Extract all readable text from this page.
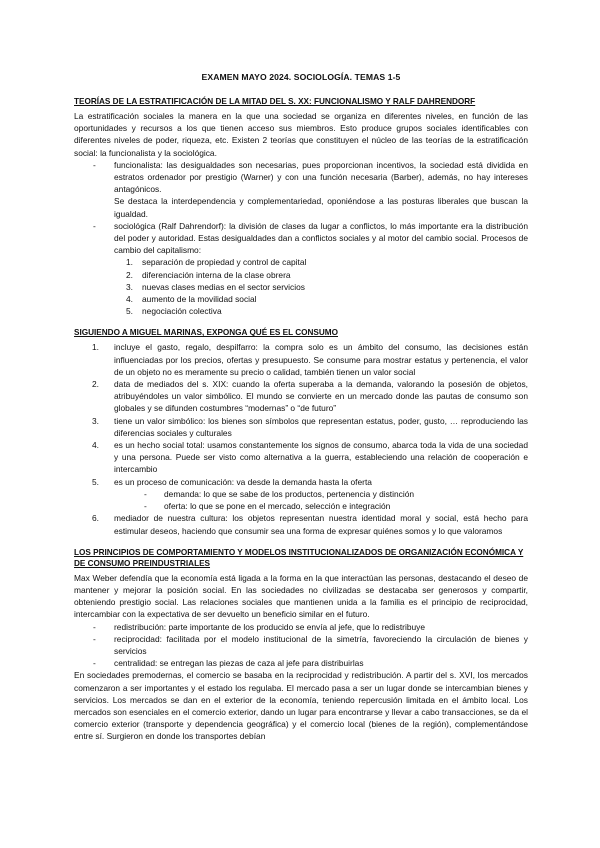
EXAMEN MAYO 2024. SOCIOLOGÍA. TEMAS 1-5
TEORÍAS DE LA ESTRATIFICACIÓN DE LA MITAD DEL S. XX: FUNCIONALISMO Y RALF DAHRENDORF

La estratificación sociales la manera en la que una sociedad se organiza en diferentes niveles, en función de las oportunidades y recursos a los que tienen acceso sus miembros. Esto produce grupos sociales identificables con diferentes niveles de poder, riqueza, etc. Existen 2 teorías que constituyen el núcleo de las teorías de la estratificación social: la funcionalista y la sociológica.

- funcionalista: las desigualdades son necesarias, pues proporcionan incentivos, la sociedad está dividida en estratos ordenador por prestigio (Warner) y con una función necesaria (Barber), además, no hay intereses antagónicos.
Se destaca la interdependencia y complementariedad, oponiéndose a las posturas liberales que buscan la igualdad.
- sociológica (Ralf Dahrendorf): la división de clases da lugar a conflictos, lo más importante era la distribución del poder y autoridad. Estas desigualdades dan a conflictos sociales y al motor del cambio social. Procesos de cambio del capitalismo:
1. separación de propiedad y control de capital
2. diferenciación interna de la clase obrera
3. nuevas clases medias en el sector servicios
4. aumento de la movilidad social
5. negociación colectiva
SIGUIENDO A MIGUEL MARINAS, EXPONGA QUÉ ES EL CONSUMO
1. incluye el gasto, regalo, despilfarro: la compra solo es un ámbito del consumo, las decisiones están influenciadas por los precios, ofertas y presupuesto. Se consume para mostrar estatus y pertenencia, el valor de un objeto no es meramente su precio o calidad, también tienen un valor social
2. data de mediados del s. XIX: cuando la oferta superaba a la demanda, valorando la posesión de objetos, atribuyéndoles un valor simbólico. El mundo se convierte en un mercado donde las pautas de consumo son globales y se difunden costumbres “modernas” o “de futuro”
3. tiene un valor simbólico: los bienes son símbolos que representan estatus, poder, gusto, … reproduciendo las diferencias sociales y culturales
4. es un hecho social total: usamos constantemente los signos de consumo, abarca toda la vida de una sociedad y una persona. Puede ser visto como alternativa a la guerra, estableciendo una relación de cooperación e intercambio
5. es un proceso de comunicación: va desde la demanda hasta la oferta
- demanda: lo que se sabe de los productos, pertenencia y distinción
- oferta: lo que se pone en el mercado, selección e integración
6. mediador de nuestra cultura: los objetos representan nuestra identidad moral y social, está hecho para estimular deseos, haciendo que consumir sea una forma de expresar quiénes somos y lo que valoramos
LOS PRINCIPIOS DE COMPORTAMIENTO Y MODELOS INSTITUCIONALIZADOS DE ORGANIZACIÓN ECONÓMICA Y DE CONSUMO PREINDUSTRIALES

Max Weber defendía que la economía está ligada a la forma en la que interactúan las personas, destacando el deseo de mantener y mejorar la posición social. En las sociedades no civilizadas se destacaba ser generosos y compartir, obteniendo prestigio social. Las relaciones sociales que mantienen unida a la familia es el principio de reciprocidad, intercambiar con la expectativa de ser devuelto un beneficio similar en el futuro.

- redistribución: parte importante de los producido se envía al jefe, que lo redistribuye
- reciprocidad: facilitada por el modelo institucional de la simetría, favoreciendo la circulación de bienes y servicios
- centralidad: se entregan las piezas de caza al jefe para distribuirlas

En sociedades premodernas, el comercio se basaba en la reciprocidad y redistribución. A partir del s. XVI, los mercados comenzaron a ser importantes y el estado los regulaba. El mercado pasa a ser un lugar donde se intercambian bienes y servicios. Los mercados se dan en el exterior de la economía, teniendo repercusión limitada en el ámbito local. Los mercados son esenciales en el comercio exterior, dando un lugar para encontrarse y llevar a cabo transacciones, se da el comercio exterior (transporte y dependencia geográfica) y el comercio local (bienes de la región), complementándose entre sí. Surgieron en donde los transportes debían
